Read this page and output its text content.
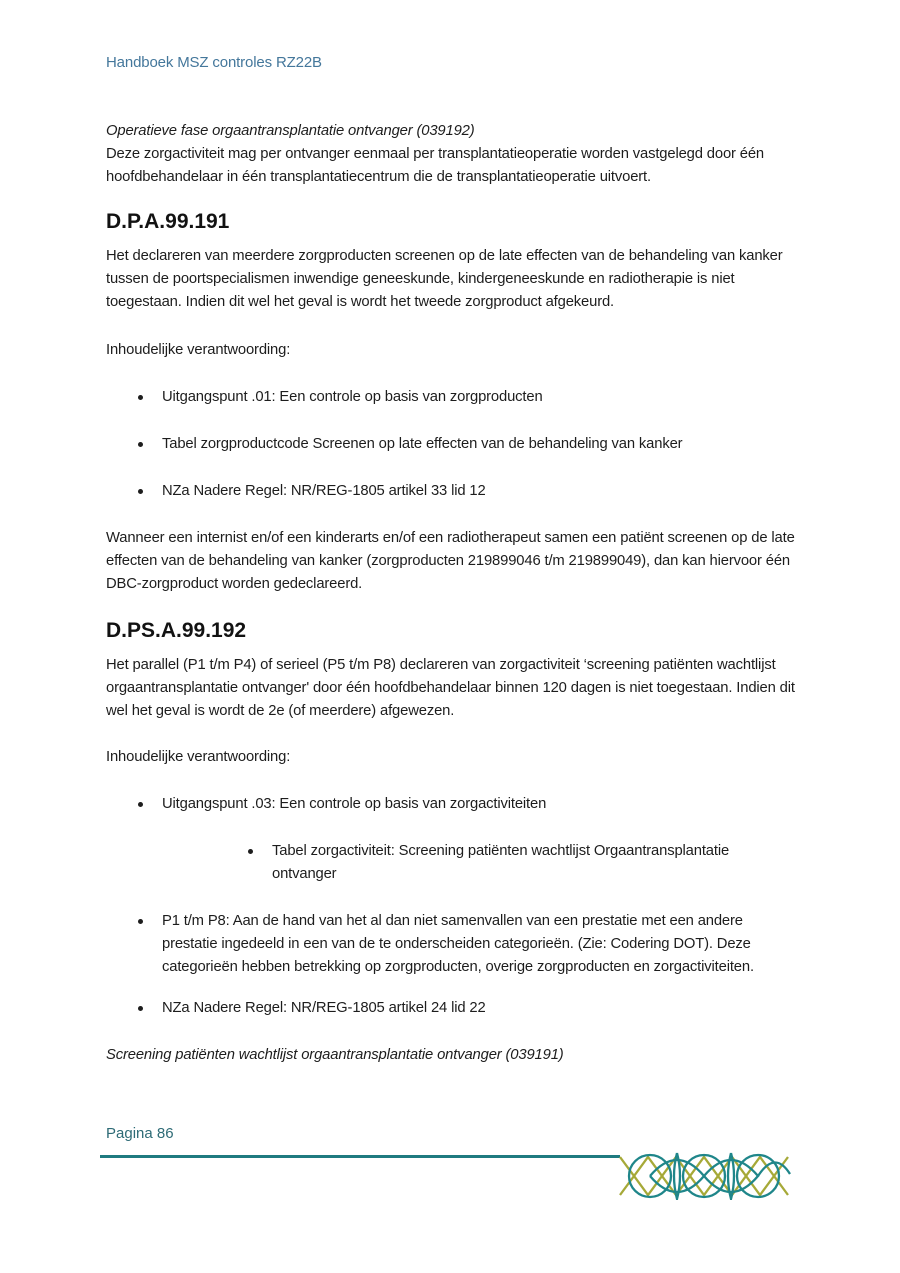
Handboek MSZ controles RZ22B

Operatieve fase orgaantransplantatie ontvanger (039192)

Deze zorgactiviteit mag per ontvanger eenmaal per transplantatieoperatie worden vastgelegd door één hoofdbehandelaar in één transplantatiecentrum die de transplantatieoperatie uitvoert.

D.P.A.99.191

Het declareren van meerdere zorgproducten screenen op de late effecten van de behandeling van kanker tussen de poortspecialismen inwendige geneeskunde, kindergeneeskunde en radiotherapie is niet toegestaan. Indien dit wel het geval is wordt het tweede zorgproduct afgekeurd.

Inhoudelijke verantwoording:

Uitgangspunt .01: Een controle op basis van zorgproducten
Tabel zorgproductcode Screenen op late effecten van de behandeling van kanker
NZa Nadere Regel: NR/REG-1805 artikel 33 lid 12

Wanneer een internist en/of een kinderarts en/of een radiotherapeut samen een patiënt screenen op de late effecten van de behandeling van kanker (zorgproducten 219899046 t/m 219899049), dan kan hiervoor één DBC-zorgproduct worden gedeclareerd.

D.PS.A.99.192

Het parallel (P1 t/m P4) of serieel (P5 t/m P8) declareren van zorgactiviteit ‘screening patiënten wachtlijst orgaantransplantatie ontvanger' door één hoofdbehandelaar binnen 120 dagen is niet toegestaan. Indien dit wel het geval is wordt de 2e (of meerdere) afgewezen.

Inhoudelijke verantwoording:

Uitgangspunt .03: Een controle op basis van zorgactiviteiten
Tabel zorgactiviteit: Screening patiënten wachtlijst Orgaantransplantatie ontvanger
P1 t/m P8: Aan de hand van het al dan niet samenvallen van een prestatie met een andere prestatie ingedeeld in een van de te onderscheiden categorieën. (Zie: Codering DOT). Deze categorieën hebben betrekking op zorgproducten, overige zorgproducten en zorgactiviteiten.
NZa Nadere Regel: NR/REG-1805 artikel 24 lid 22

Screening patiënten wachtlijst orgaantransplantatie ontvanger (039191)

Pagina 86
